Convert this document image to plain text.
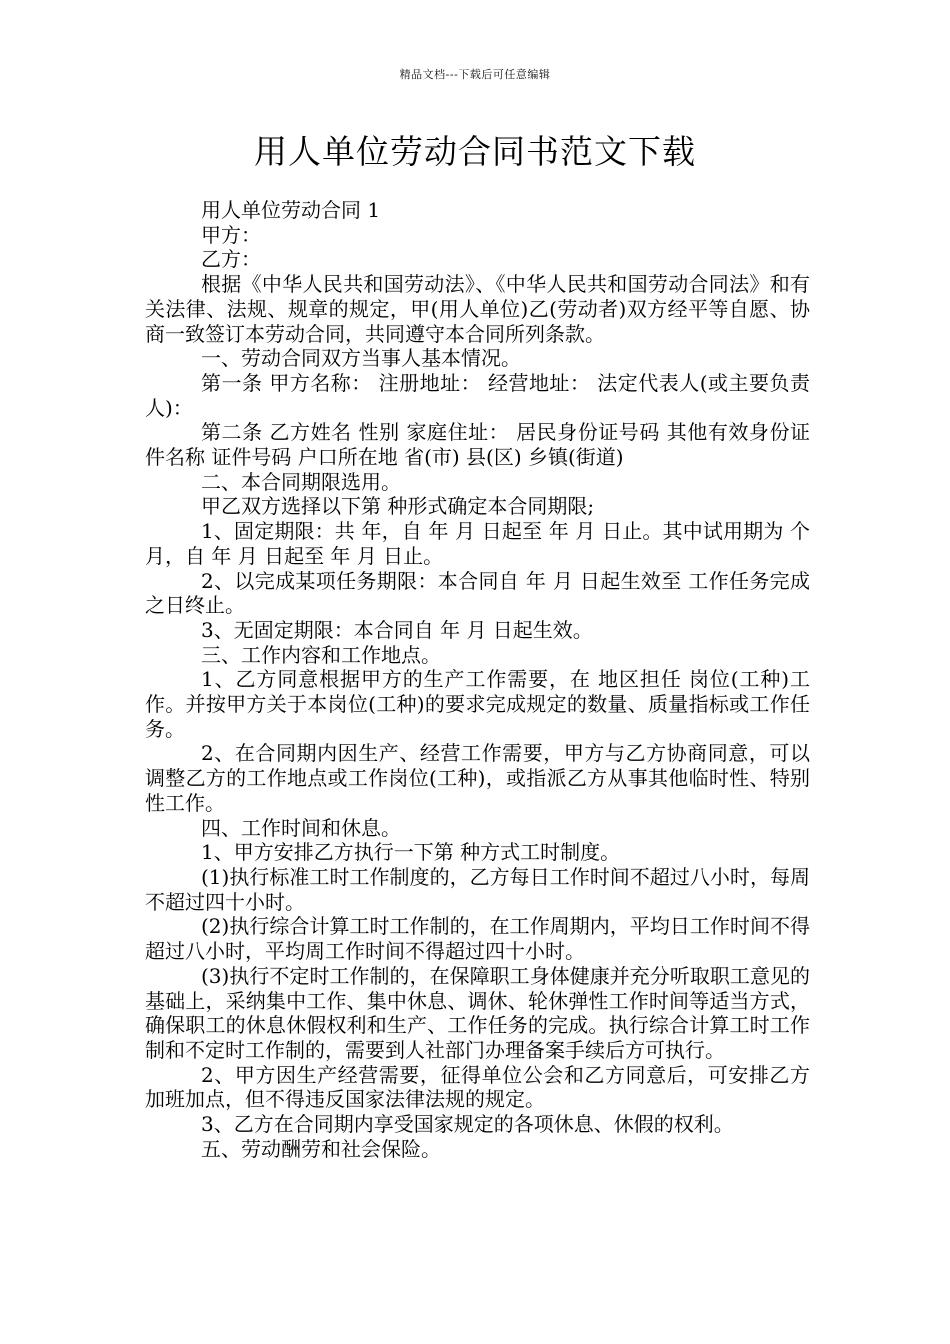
精品文档---下载后可任意编辑
用人单位劳动合同书范文下载

用人单位劳动合同 1

甲方：

乙方：

根据《中华人民共和国劳动法》、《中华人民共和国劳动合同法》和有关法律、法规、规章的规定，甲(用人单位)乙(劳动者)双方经平等自愿、协商一致签订本劳动合同，共同遵守本合同所列条款。

一、劳动合同双方当事人基本情况。

第一条 甲方名称： 注册地址： 经营地址： 法定代表人(或主要负责人)：

第二条 乙方姓名 性别 家庭住址： 居民身份证号码 其他有效身份证件名称 证件号码 户口所在地 省(市) 县(区) 乡镇(街道)

二、本合同期限选用。

甲乙双方选择以下第 种形式确定本合同期限;

1、固定期限：共 年，自 年 月 日起至 年 月 日止。其中试用期为 个月，自 年 月 日起至 年 月 日止。

2、以完成某项任务期限：本合同自 年 月 日起生效至 工作任务完成之日终止。

3、无固定期限：本合同自 年 月 日起生效。

三、工作内容和工作地点。

1、乙方同意根据甲方的生产工作需要，在 地区担任 岗位(工种)工作。并按甲方关于本岗位(工种)的要求完成规定的数量、质量指标或工作任务。

2、在合同期内因生产、经营工作需要，甲方与乙方协商同意，可以调整乙方的工作地点或工作岗位(工种)，或指派乙方从事其他临时性、特别性工作。

四、工作时间和休息。

1、甲方安排乙方执行一下第 种方式工时制度。

(1)执行标准工时工作制度的，乙方每日工作时间不超过八小时，每周不超过四十小时。

(2)执行综合计算工时工作制的，在工作周期内，平均日工作时间不得超过八小时，平均周工作时间不得超过四十小时。

(3)执行不定时工作制的，在保障职工身体健康并充分听取职工意见的基础上，采纳集中工作、集中休息、调休、轮休弹性工作时间等适当方式，确保职工的休息休假权利和生产、工作任务的完成。执行综合计算工时工作制和不定时工作制的，需要到人社部门办理备案手续后方可执行。

2、甲方因生产经营需要，征得单位公会和乙方同意后，可安排乙方加班加点，但不得违反国家法律法规的规定。

3、乙方在合同期内享受国家规定的各项休息、休假的权利。

五、劳动酬劳和社会保险。
